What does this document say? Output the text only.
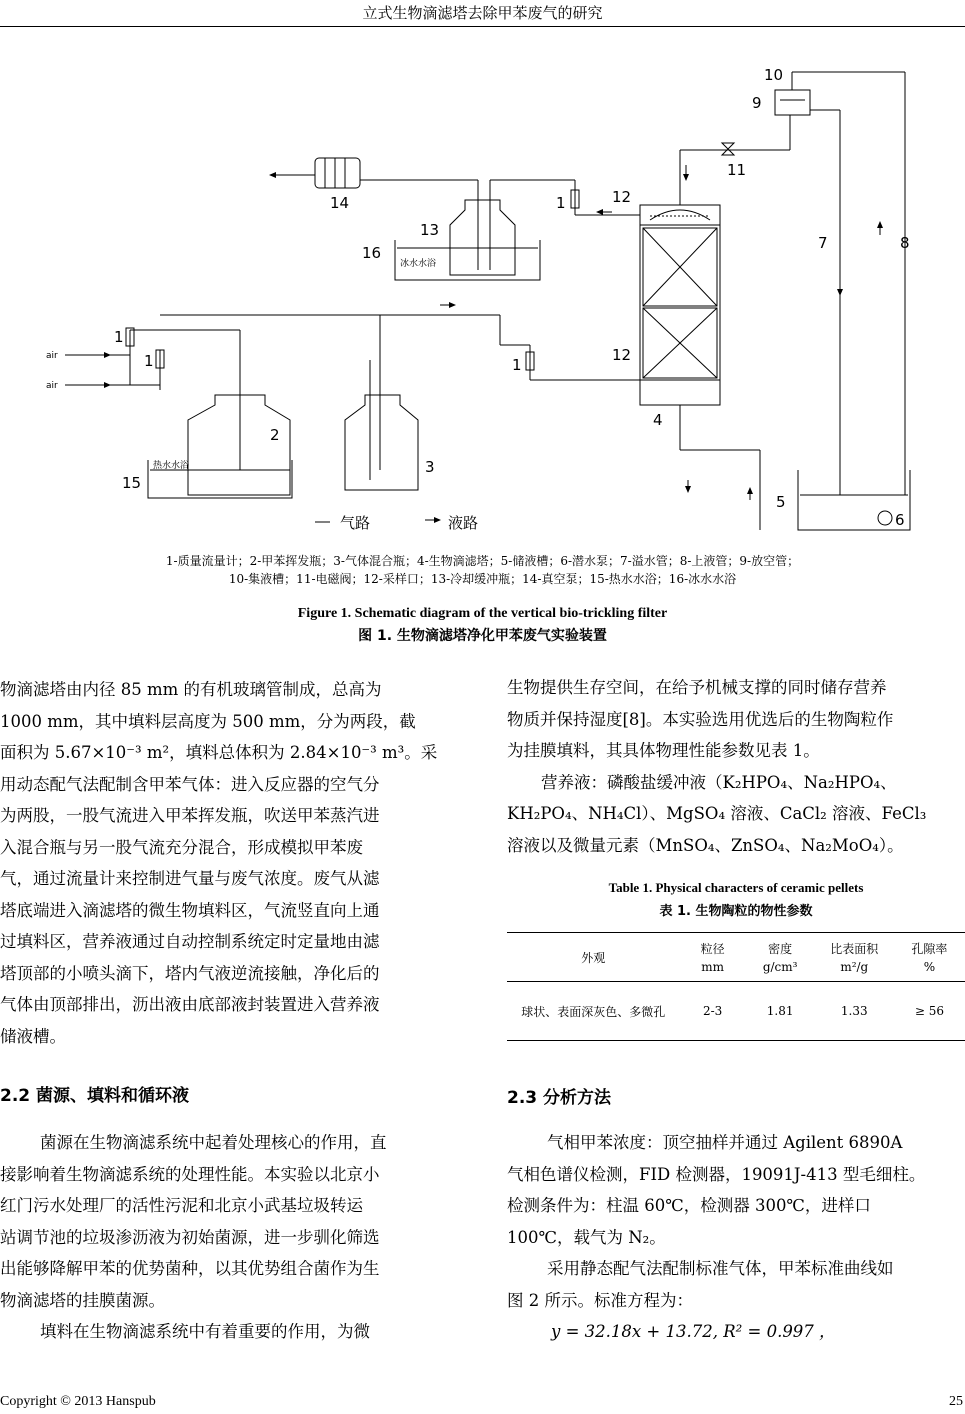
立式生物滴滤塔去除甲苯废气的研究
10
9
11
12
12
1
7	8
4
5
6
13
14
16
2
3
15
1
1	1
air
air
热水水浴
冰水水浴
气路	液路
1-质量流量计；2-甲苯挥发瓶；3-气体混合瓶；4-生物滴滤塔；5-储液槽；6-潜水泵；7-溢水管；8-上液管；9-放空管；
10-集液槽；11-电磁阀；12-采样口；13-冷却缓冲瓶；14-真空泵；15-热水水浴；16-冰水水浴
Figure 1. Schematic diagram of the vertical bio-trickling filter
图 1. 生物滴滤塔净化甲苯废气实验装置
物滴滤塔由内径 85 mm 的有机玻璃管制成，总高为
1000 mm，其中填料层高度为 500 mm，分为两段，截
面积为 5.67×10⁻³ m²，填料总体积为 2.84×10⁻³ m³。采
用动态配气法配制含甲苯气体：进入反应器的空气分
为两股，一股气流进入甲苯挥发瓶，吹送甲苯蒸汽进
入混合瓶与另一股气流充分混合，形成模拟甲苯废
气，通过流量计来控制进气量与废气浓度。废气从滤
塔底端进入滴滤塔的微生物填料区，气流竖直向上通
过填料区，营养液通过自动控制系统定时定量地由滤
塔顶部的小喷头滴下，塔内气液逆流接触，净化后的
气体由顶部排出，沥出液由底部液封装置进入营养液
储液槽。
2.2 菌源、填料和循环液
菌源在生物滴滤系统中起着处理核心的作用，直
接影响着生物滴滤系统的处理性能。本实验以北京小
红门污水处理厂的活性污泥和北京小武基垃圾转运
站调节池的垃圾渗沥液为初始菌源，进一步驯化筛选
出能够降解甲苯的优势菌种，以其优势组合菌作为生
物滴滤塔的挂膜菌源。
填料在生物滴滤系统中有着重要的作用，为微
生物提供生存空间，在给予机械支撑的同时储存营养
物质并保持湿度[8]。本实验选用优选后的生物陶粒作
为挂膜填料，其具体物理性能参数见表 1。
营养液：磷酸盐缓冲液（K₂HPO₄、Na₂HPO₄、
KH₂PO₄、NH₄Cl）、MgSO₄ 溶液、CaCl₂ 溶液、FeCl₃
溶液以及微量元素（MnSO₄、ZnSO₄、Na₂MoO₄）。
Table 1. Physical characters of ceramic pellets
表 1. 生物陶粒的物性参数
外观	粒径	密度	比表面积	孔隙率
	mm	g/cm³	m²/g	%
球状、表面深灰色、多微孔	2-3	1.81	1.33	≥ 56
2.3 分析方法
气相甲苯浓度：顶空抽样并通过 Agilent 6890A
气相色谱仪检测，FID 检测器，19091J-413 型毛细柱。
检测条件为：柱温 60℃，检测器 300℃，进样口
100℃，载气为 N₂。
采用静态配气法配制标准气体，甲苯标准曲线如
图 2 所示。标准方程为：
y = 32.18x + 13.72, R² = 0.997 ，
Copyright © 2013 Hanspub	25
